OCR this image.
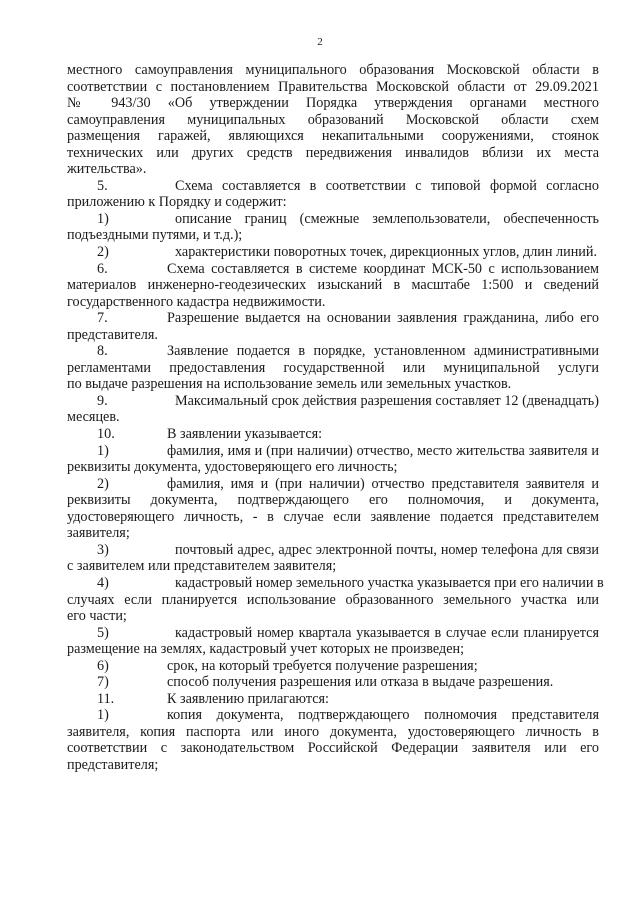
2
местного самоуправления муниципального образования Московской области в
соответствии с постановлением Правительства Московской области от 29.09.2021
№ 943/30 «Об утверждении Порядка утверждения органами местного
самоуправления муниципальных образований Московской области схем
размещения гаражей, являющихся некапитальными сооружениями, стоянок
технических или других средств передвижения инвалидов вблизи их места
жительства».
5.	Схема составляется в соответствии с типовой формой согласно
приложению к Порядку и содержит:
1)	описание границ (смежные землепользователи, обеспеченность
подъездными путями, и т.д.);
2)	характеристики поворотных точек, дирекционных углов, длин линий.
6.	Схема составляется в системе координат МСК-50 с использованием
материалов инженерно-геодезических изысканий в масштабе 1:500 и сведений
государственного кадастра недвижимости.
7.	Разрешение выдается на основании заявления гражданина, либо его
представителя.
8.	Заявление подается в порядке, установленном административными
регламентами предоставления государственной или муниципальной услуги
по выдаче разрешения на использование земель или земельных участков.
9.	Максимальный срок действия разрешения составляет 12 (двенадцать)
месяцев.
10.	В заявлении указывается:
1)	фамилия, имя и (при наличии) отчество, место жительства заявителя и
реквизиты документа, удостоверяющего его личность;
2)	фамилия, имя и (при наличии) отчество представителя заявителя и
реквизиты документа, подтверждающего его полномочия, и документа,
удостоверяющего личность, - в случае если заявление подается представителем
заявителя;
3)	почтовый адрес, адрес электронной почты, номер телефона для связи
с заявителем или представителем заявителя;
4)	кадастровый номер земельного участка указывается при его наличии в
случаях если планируется использование образованного земельного участка или
его части;
5)	кадастровый номер квартала указывается в случае если планируется
размещение на землях, кадастровый учет которых не произведен;
6)	срок, на который требуется получение разрешения;
7)	способ получения разрешения или отказа в выдаче разрешения.
11.	К заявлению прилагаются:
1)	копия документа, подтверждающего полномочия представителя
заявителя, копия паспорта или иного документа, удостоверяющего личность в
соответствии с законодательством Российской Федерации заявителя или его
представителя;
